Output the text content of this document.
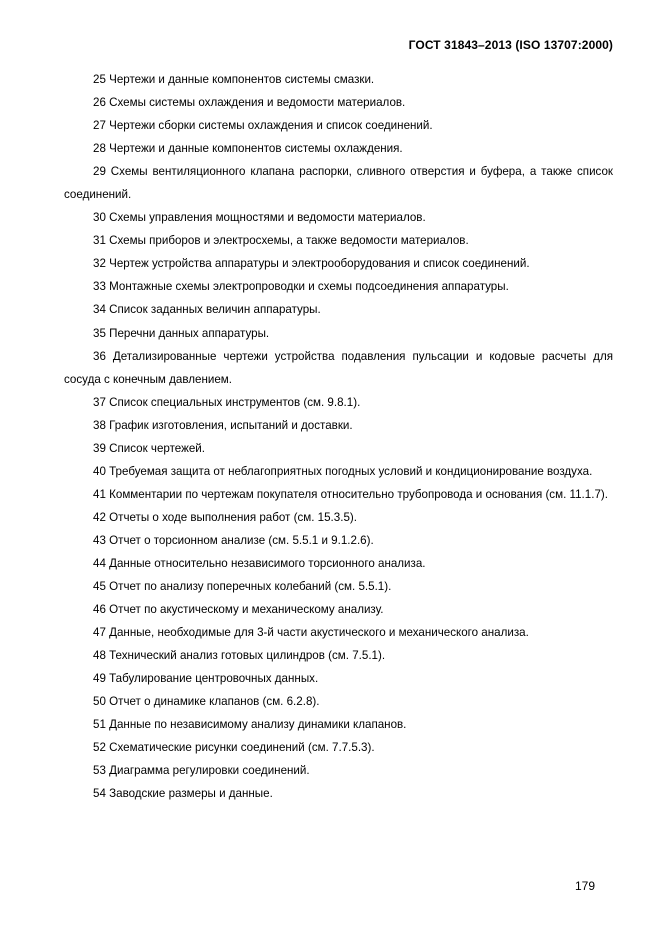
ГОСТ 31843–2013 (ISO 13707:2000)

25 Чертежи и данные компонентов системы смазки.

26 Схемы системы охлаждения и ведомости материалов.

27 Чертежи сборки системы охлаждения и список соединений.

28 Чертежи и данные компонентов системы охлаждения.

29 Схемы вентиляционного клапана распорки, сливного отверстия и буфера, а также список соединений.

30 Схемы управления мощностями и ведомости материалов.

31 Схемы приборов и электросхемы, а также ведомости материалов.

32 Чертеж устройства аппаратуры и электрооборудования и список соединений.

33 Монтажные схемы электропроводки и схемы подсоединения аппаратуры.

34 Список заданных величин аппаратуры.

35 Перечни данных аппаратуры.

36 Детализированные чертежи устройства подавления пульсации и кодовые расчеты для сосуда с конечным давлением.

37 Список специальных инструментов (см. 9.8.1).

38 График изготовления, испытаний и доставки.

39 Список чертежей.

40 Требуемая защита от неблагоприятных погодных условий и кондиционирование воздуха.

41 Комментарии по чертежам покупателя относительно трубопровода и основания (см. 11.1.7).

42 Отчеты о ходе выполнения работ (см. 15.3.5).

43 Отчет о торсионном анализе (см. 5.5.1 и 9.1.2.6).

44 Данные относительно независимого торсионного анализа.

45 Отчет по анализу поперечных колебаний (см. 5.5.1).

46 Отчет по акустическому и механическому анализу.

47 Данные, необходимые для 3-й части акустического и механического анализа.

48 Технический анализ готовых цилиндров (см. 7.5.1).

49 Табулирование центровочных данных.

50 Отчет о динамике клапанов (см. 6.2.8).

51 Данные по независимому анализу динамики клапанов.

52 Схематические рисунки соединений (см. 7.7.5.3).

53 Диаграмма регулировки соединений.

54 Заводские размеры и данные.

179
